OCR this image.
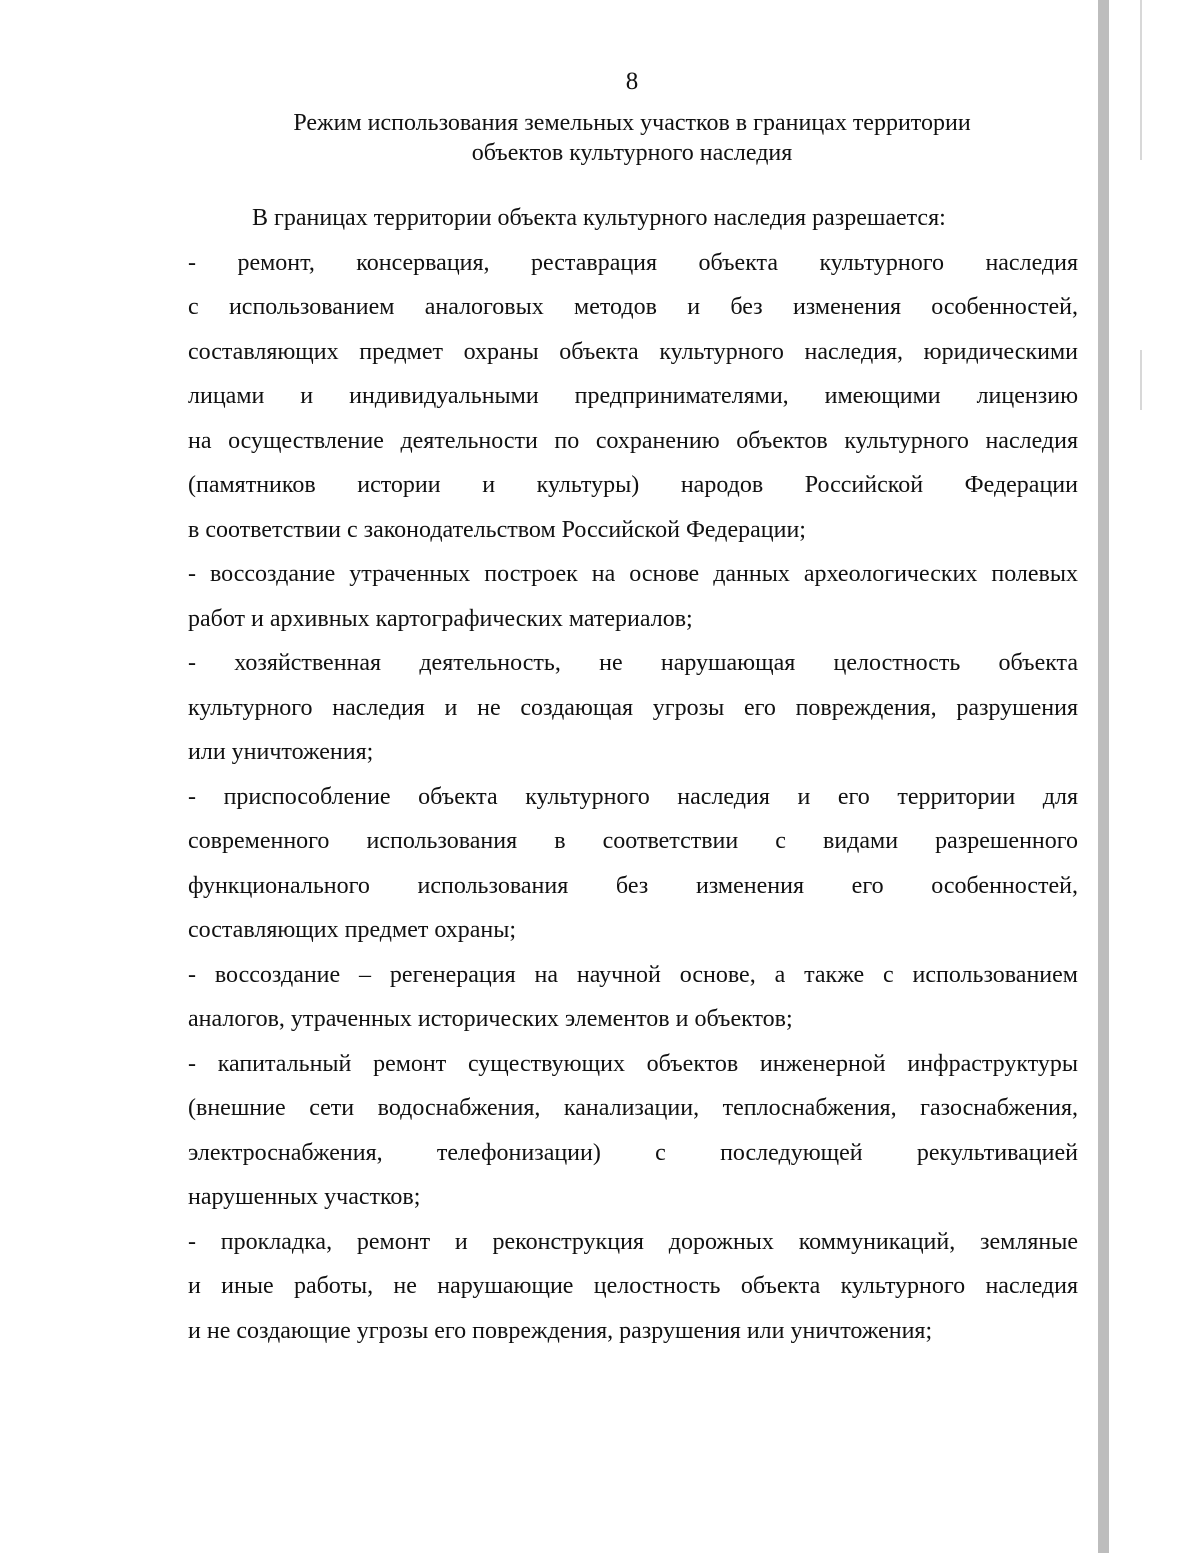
8
Режим использования земельных участков в границах территории
объектов культурного наследия
В границах территории объекта культурного наследия разрешается:
- ремонт, консервация, реставрация объекта культурного наследия
с использованием аналоговых методов и без изменения особенностей,
составляющих предмет охраны объекта культурного наследия, юридическими
лицами и индивидуальными предпринимателями, имеющими лицензию
на осуществление деятельности по сохранению объектов культурного наследия
(памятников истории и культуры) народов Российской Федерации
в соответствии с законодательством Российской Федерации;
- воссоздание утраченных построек на основе данных археологических полевых
работ и архивных картографических материалов;
- хозяйственная деятельность, не нарушающая целостность объекта
культурного наследия и не создающая угрозы его повреждения, разрушения
или уничтожения;
- приспособление объекта культурного наследия и его территории для
современного использования в соответствии с видами разрешенного
функционального использования без изменения его особенностей,
составляющих предмет охраны;
- воссоздание – регенерация на научной основе, а также с использованием
аналогов, утраченных исторических элементов и объектов;
- капитальный ремонт существующих объектов инженерной инфраструктуры
(внешние сети водоснабжения, канализации, теплоснабжения, газоснабжения,
электроснабжения, телефонизации) с последующей рекультивацией
нарушенных участков;
- прокладка, ремонт и реконструкция дорожных коммуникаций, земляные
и иные работы, не нарушающие целостность объекта культурного наследия
и не создающие угрозы его повреждения, разрушения или уничтожения;
